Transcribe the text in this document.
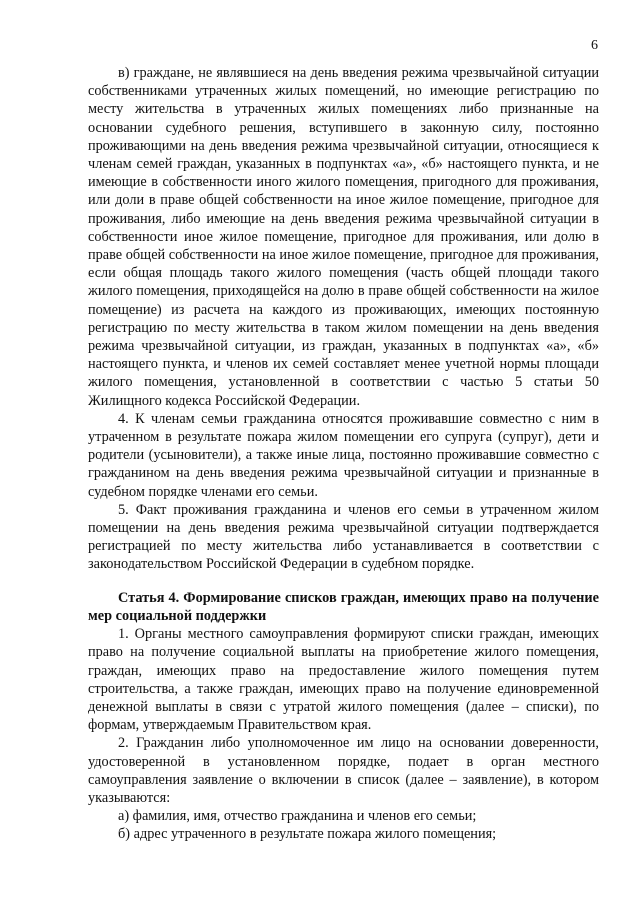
6

в) граждане, не являвшиеся на день введения режима чрезвычайной ситуации собственниками утраченных жилых помещений, но имеющие регистрацию по месту жительства в утраченных жилых помещениях либо признанные на основании судебного решения, вступившего в законную силу, постоянно проживающими на день введения режима чрезвычайной ситуации, относящиеся к членам семей граждан, указанных в подпунктах «а», «б» настоящего пункта, и не имеющие в собственности иного жилого помещения, пригодного для проживания, или доли в праве общей собственности на иное жилое помещение, пригодное для проживания, либо имеющие на день введения режима чрезвычайной ситуации в собственности иное жилое помещение, пригодное для проживания, или долю в праве общей собственности на иное жилое помещение, пригодное для проживания, если общая площадь такого жилого помещения (часть общей площади такого жилого помещения, приходящейся на долю в праве общей собственности на жилое помещение) из расчета на каждого из проживающих, имеющих постоянную регистрацию по месту жительства в таком жилом помещении на день введения режима чрезвычайной ситуации, из граждан, указанных в подпунктах «а», «б» настоящего пункта, и членов их семей составляет менее учетной нормы площади жилого помещения, установленной в соответствии с частью 5 статьи 50 Жилищного кодекса Российской Федерации.

4. К членам семьи гражданина относятся проживавшие совместно с ним в утраченном в результате пожара жилом помещении его супруга (супруг), дети и родители (усыновители), а также иные лица, постоянно проживавшие совместно с гражданином на день введения режима чрезвычайной ситуации и признанные в судебном порядке членами его семьи.

5. Факт проживания гражданина и членов его семьи в утраченном жилом помещении на день введения режима чрезвычайной ситуации подтверждается регистрацией по месту жительства либо устанавливается в соответствии с законодательством Российской Федерации в судебном порядке.

Статья 4. Формирование списков граждан, имеющих право на получение мер социальной поддержки

1. Органы местного самоуправления формируют списки граждан, имеющих право на получение социальной выплаты на приобретение жилого помещения, граждан, имеющих право на предоставление жилого помещения путем строительства, а также граждан, имеющих право на получение единовременной денежной выплаты в связи с утратой жилого помещения (далее – списки), по формам, утверждаемым Правительством края.

2. Гражданин либо уполномоченное им лицо на основании доверенности, удостоверенной в установленном порядке, подает в орган местного самоуправления заявление о включении в список (далее – заявление), в котором указываются:

а) фамилия, имя, отчество гражданина и членов его семьи;

б) адрес утраченного в результате пожара жилого помещения;
